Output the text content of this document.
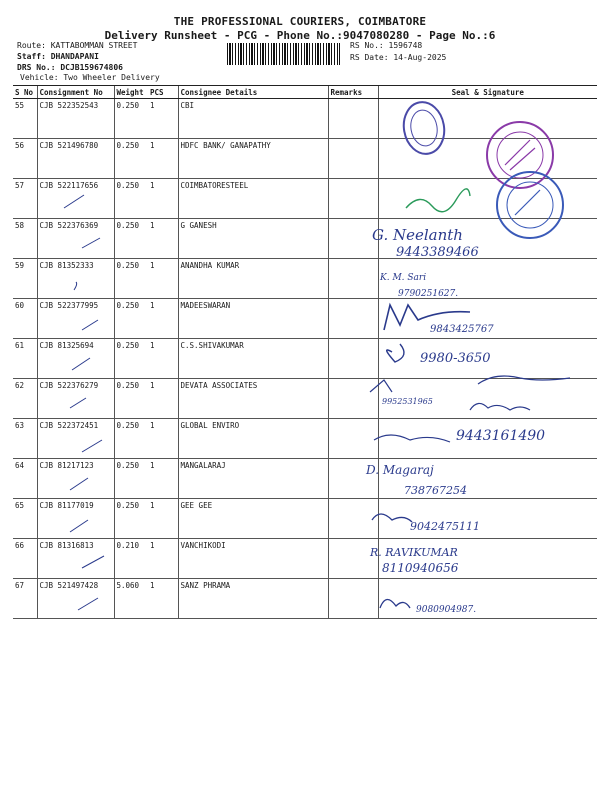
THE PROFESSIONAL COURIERS, COIMBATORE
Delivery Runsheet - PCG - Phone No.:9047080280 - Page No.:6
Route: KATTABOMMAN STREET
Staff: DHANDAPANI
DRS No.: DCJB159674806
Vehicle: Two Wheeler Delivery
RS No.: 1596748
RS Date: 14-Aug-2025
S No	Consignment No	Weight	PCS	Consignee Details	Remarks	Seal & Signature
55	CJB 522352543	0.250	1	CBI		
56	CJB 521496780	0.250	1	HDFC BANK/ GANAPATHY		
57	CJB 522117656	0.250	1	COIMBATORESTEEL		
58	CJB 522376369	0.250	1	G GANESH		
59	CJB 81352333	0.250	1	ANANDHA KUMAR		
60	CJB 522377995	0.250	1	MADEESWARAN		
61	CJB 81325694	0.250	1	C.S.SHIVAKUMAR		
62	CJB 522376279	0.250	1	DEVATA ASSOCIATES		
63	CJB 522372451	0.250	1	GLOBAL ENVIRO		
64	CJB 81217123	0.250	1	MANGALARAJ		
65	CJB 81177019	0.250	1	GEE GEE		
66	CJB 81316813	0.210	1	VANCHIKODI		
67	CJB 521497428	5.060	1	SANZ PHRAMA		
G. Neelanth
9443389466
K. M. Sari
9790251627.
9843425767
9980-3650
9952531965
9443161490
D. Magaraj
738767254
9042475111
R. RAVIKUMAR
8110940656
9080904987.
